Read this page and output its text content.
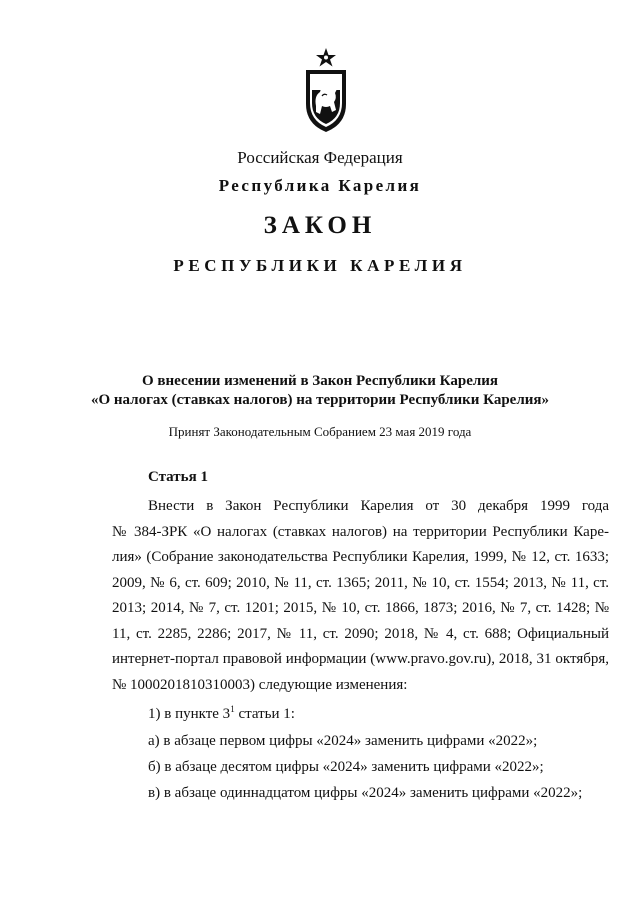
Российская Федерация
Республика Карелия
ЗАКОН
РЕСПУБЛИКИ КАРЕЛИЯ
О внесении изменений в Закон Республики Карелия
«О налогах (ставках налогов) на территории Республики Карелия»
Принят Законодательным Собранием 23 мая 2019 года
Статья 1
Внести в Закон Республики Карелия от 30 декабря 1999 года
№ 384-ЗРК «О налогах (ставках налогов) на территории Республики Карелия» (Собрание законодательства Республики Карелия, 1999, № 12, ст. 1633; 2009, № 6, ст. 609; 2010, № 11, ст. 1365; 2011, № 10, ст. 1554; 2013, № 11, ст. 2013; 2014, № 7, ст. 1201; 2015, № 10, ст. 1866, 1873; 2016, № 7, ст. 1428; № 11, ст. 2285, 2286; 2017, № 11, ст. 2090; 2018, № 4, ст. 688; Официальный интернет-портал правовой информации (www.pravo.gov.ru), 2018, 31 октября, № 1000201810310003) следующие изменения:
1) в пункте $3^1$ статьи 1:
а) в абзаце первом цифры «2024» заменить цифрами «2022»;
б) в абзаце десятом цифры «2024» заменить цифрами «2022»;
в) в абзаце одиннадцатом цифры «2024» заменить цифрами «2022»;
